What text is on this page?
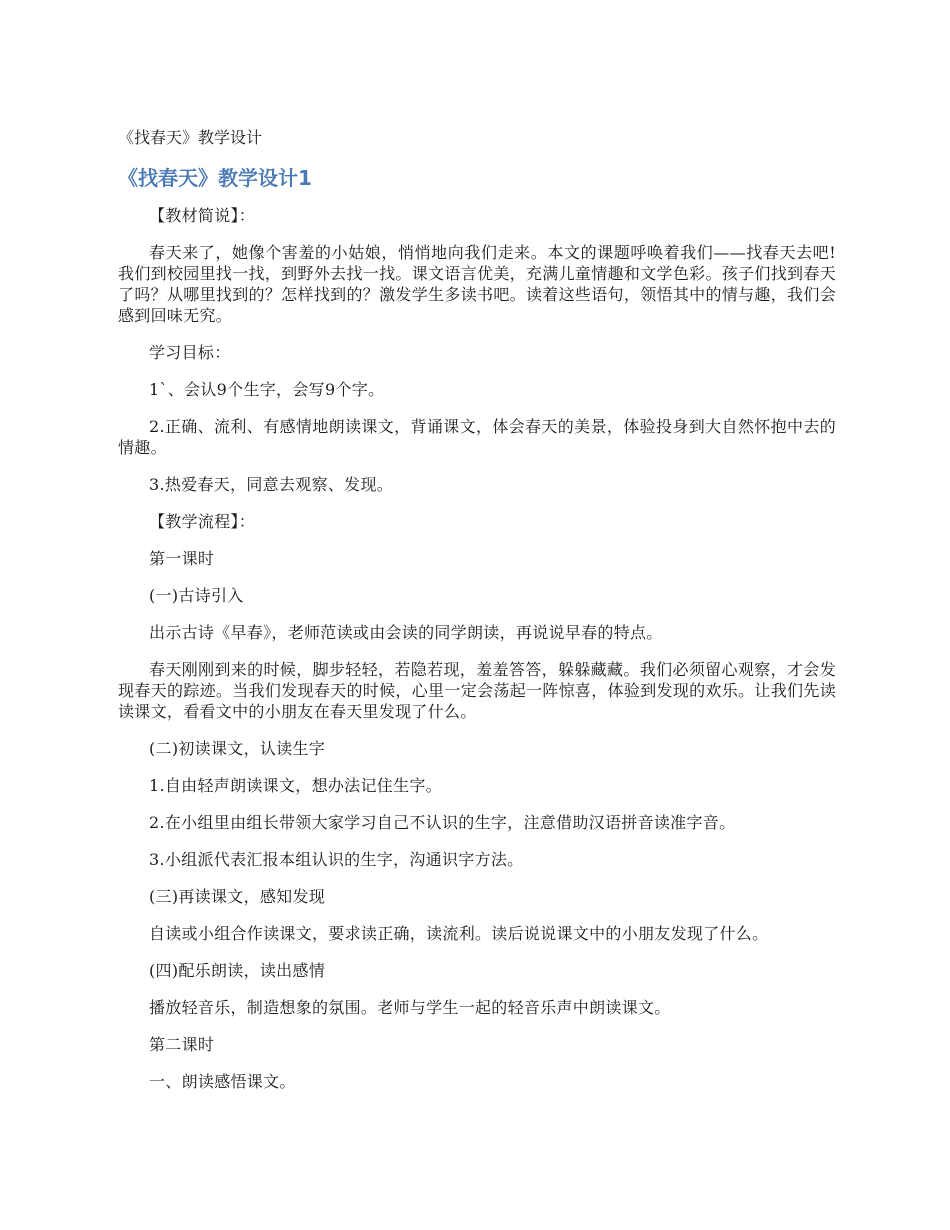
《找春天》教学设计
《找春天》教学设计1

【教材简说】：

春天来了，她像个害羞的小姑娘，悄悄地向我们走来。本文的课题呼唤着我们——找春天去吧!我们到校园里找一找，到野外去找一找。课文语言优美，充满儿童情趣和文学色彩。孩子们找到春天了吗？从哪里找到的？怎样找到的？激发学生多读书吧。读着这些语句，领悟其中的情与趣，我们会感到回味无究。

学习目标：

1`、会认9个生字，会写9个字。

2.正确、流利、有感情地朗读课文，背诵课文，体会春天的美景，体验投身到大自然怀抱中去的情趣。

3.热爱春天，同意去观察、发现。

【教学流程】：

第一课时

(一)古诗引入

出示古诗《早春》，老师范读或由会读的同学朗读，再说说早春的特点。

春天刚刚到来的时候，脚步轻轻，若隐若现，羞羞答答，躲躲藏藏。我们必须留心观察，才会发现春天的踪迹。当我们发现春天的时候，心里一定会荡起一阵惊喜，体验到发现的欢乐。让我们先读读课文，看看文中的小朋友在春天里发现了什么。

(二)初读课文，认读生字

1.自由轻声朗读课文，想办法记住生字。

2.在小组里由组长带领大家学习自己不认识的生字，注意借助汉语拼音读准字音。

3.小组派代表汇报本组认识的生字，沟通识字方法。

(三)再读课文，感知发现

自读或小组合作读课文，要求读正确，读流利。读后说说课文中的小朋友发现了什么。

(四)配乐朗读，读出感情

播放轻音乐，制造想象的氛围。老师与学生一起的轻音乐声中朗读课文。

第二课时

一、朗读感悟课文。
